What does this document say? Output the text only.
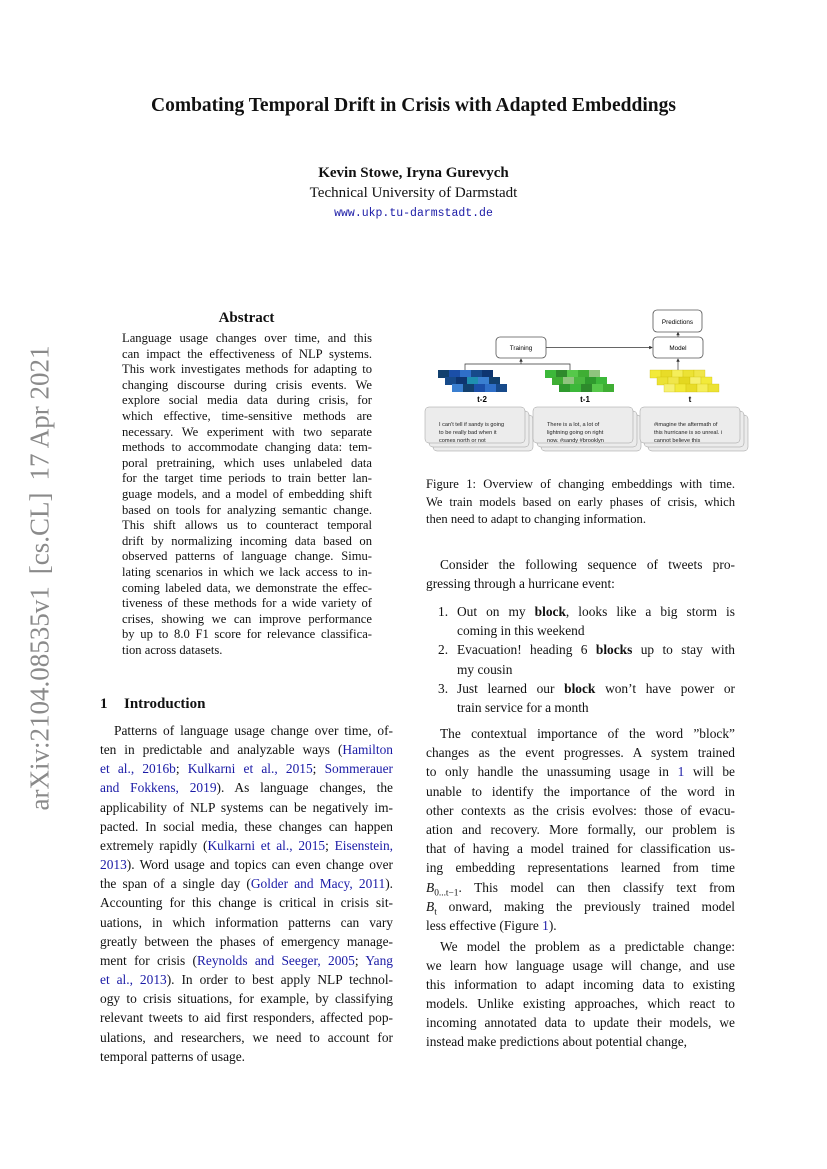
arXiv:2104.08535v1[cs.CL]17 Apr 2021
Combating Temporal Drift in Crisis with Adapted Embeddings
Kevin Stowe, Iryna Gurevych
Technical University of Darmstadt
www.ukp.tu-darmstadt.de
Abstract
Language usage changes over time, and this
can impact the effectiveness of NLP systems.
This work investigates methods for adapting to
changing discourse during crisis events. We
explore social media data during crisis, for
which effective, time-sensitive methods are
necessary. We experiment with two separate
methods to accommodate changing data: tem-
poral pretraining, which uses unlabeled data
for the target time periods to train better lan-
guage models, and a model of embedding shift
based on tools for analyzing semantic change.
This shift allows us to counteract temporal
drift by normalizing incoming data based on
observed patterns of language change. Simu-
lating scenarios in which we lack access to in-
coming labeled data, we demonstrate the effec-
tiveness of these methods for a wide variety of
crises, showing we can improve performance
by up to 8.0 F1 score for relevance classifica-
tion across datasets.
1 Introduction
Patterns of language usage change over time, of-
ten in predictable and analyzable ways (Hamilton
et al., 2016b; Kulkarni et al., 2015; Sommerauer
and Fokkens, 2019). As language changes, the
applicability of NLP systems can be negatively im-
pacted. In social media, these changes can happen
extremely rapidly (Kulkarni et al., 2015; Eisenstein,
2013). Word usage and topics can even change over
the span of a single day (Golder and Macy, 2011).
Accounting for this change is critical in crisis sit-
uations, in which information patterns can vary
greatly between the phases of emergency manage-
ment for crisis (Reynolds and Seeger, 2005; Yang
et al., 2013). In order to best apply NLP technol-
ogy to crisis situations, for example, by classifying
relevant tweets to aid first responders, affected pop-
ulations, and researchers, we need to account for
temporal patterns of usage.
Predictions
Training	Model
t-2	t-1	t
I can't tell if sandy is going
to be really bad when it
comes north or not
There is a lot, a lot of
lightning going on right
now. #sandy #brooklyn
#imagine the aftermath of
this hurricane is so unreal. i
cannot believe this
Figure 1: Overview of changing embeddings with time.
We train models based on early phases of crisis, which
then need to adapt to changing information.
Consider the following sequence of tweets pro-
gressing through a hurricane event:
1. Out on my block, looks like a big storm is
coming in this weekend
2. Evacuation! heading 6 blocks up to stay with
my cousin
3. Just learned our block won’t have power or
train service for a month
The contextual importance of the word ”block”
changes as the event progresses. A system trained
to only handle the unassuming usage in 1 will be
unable to identify the importance of the word in
other contexts as the crisis evolves: those of evacu-
ation and recovery. More formally, our problem is
that of having a model trained for classification us-
ing embedding representations learned from time
$B_{0...t-1}$. This model can then classify text from
$B_t$ onward, making the previously trained model
less effective (Figure 1).
We model the problem as a predictable change:
we learn how language usage will change, and use
this information to adapt incoming data to existing
models. Unlike existing approaches, which react to
incoming annotated data to update their models, we
instead make predictions about potential change,
